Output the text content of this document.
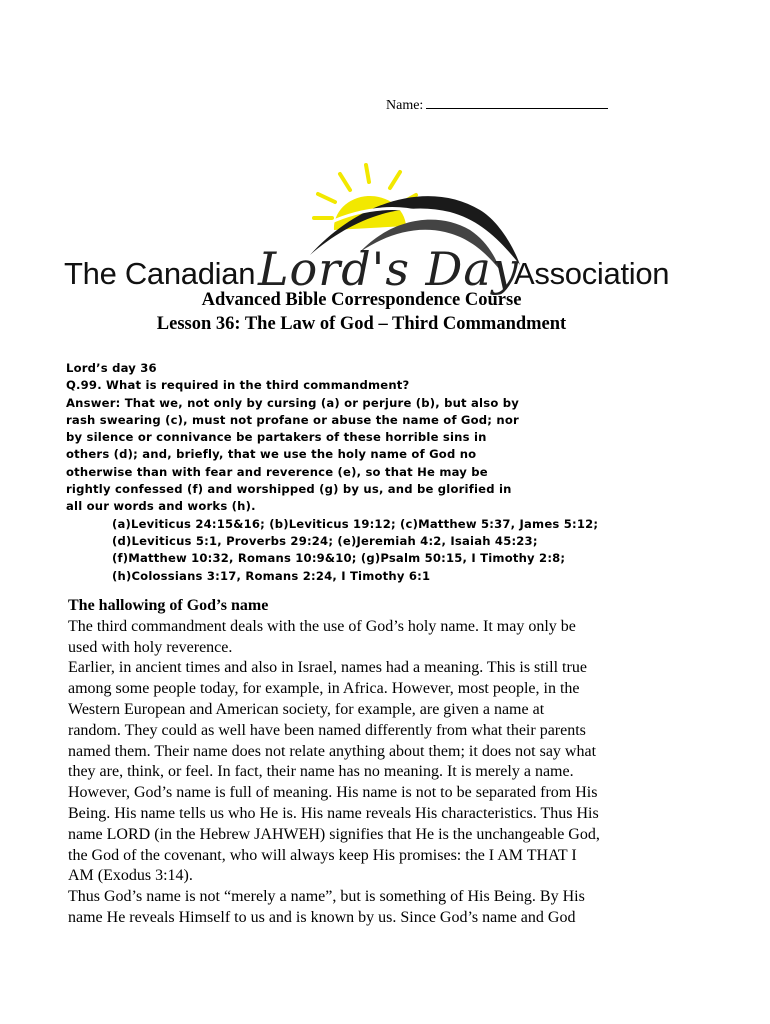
Name:
The Canadian Lord's Day
Association
Advanced Bible Correspondence Course
Lesson 36: The Law of God – Third Commandment
Lord’s day 36
Q.99. What is required in the third commandment?
Answer: That we, not only by cursing (a) or perjure (b), but also by
rash swearing (c), must not profane or abuse the name of God; nor
by silence or connivance be partakers of these horrible sins in
others (d); and, briefly, that we use the holy name of God no
otherwise than with fear and reverence (e), so that He may be
rightly confessed (f) and worshipped (g) by us, and be glorified in
all our words and works (h).
(a)Leviticus 24:15&16; (b)Leviticus 19:12; (c)Matthew 5:37, James 5:12;
(d)Leviticus 5:1, Proverbs 29:24; (e)Jeremiah 4:2, Isaiah 45:23;
(f)Matthew 10:32, Romans 10:9&10; (g)Psalm 50:15, I Timothy 2:8;
(h)Colossians 3:17, Romans 2:24, I Timothy 6:1
The hallowing of God’s name
The third commandment deals with the use of God’s holy name. It may only be
used with holy reverence.
Earlier, in ancient times and also in Israel, names had a meaning. This is still true
among some people today, for example, in Africa. However, most people, in the
Western European and American society, for example, are given a name at
random. They could as well have been named differently from what their parents
named them. Their name does not relate anything about them; it does not say what
they are, think, or feel. In fact, their name has no meaning. It is merely a name.
However, God’s name is full of meaning. His name is not to be separated from His
Being. His name tells us who He is. His name reveals His characteristics. Thus His
name LORD (in the Hebrew JAHWEH) signifies that He is the unchangeable God,
the God of the covenant, who will always keep His promises: the I AM THAT I
AM (Exodus 3:14).
Thus God’s name is not “merely a name”, but is something of His Being. By His
name He reveals Himself to us and is known by us. Since God’s name and God
